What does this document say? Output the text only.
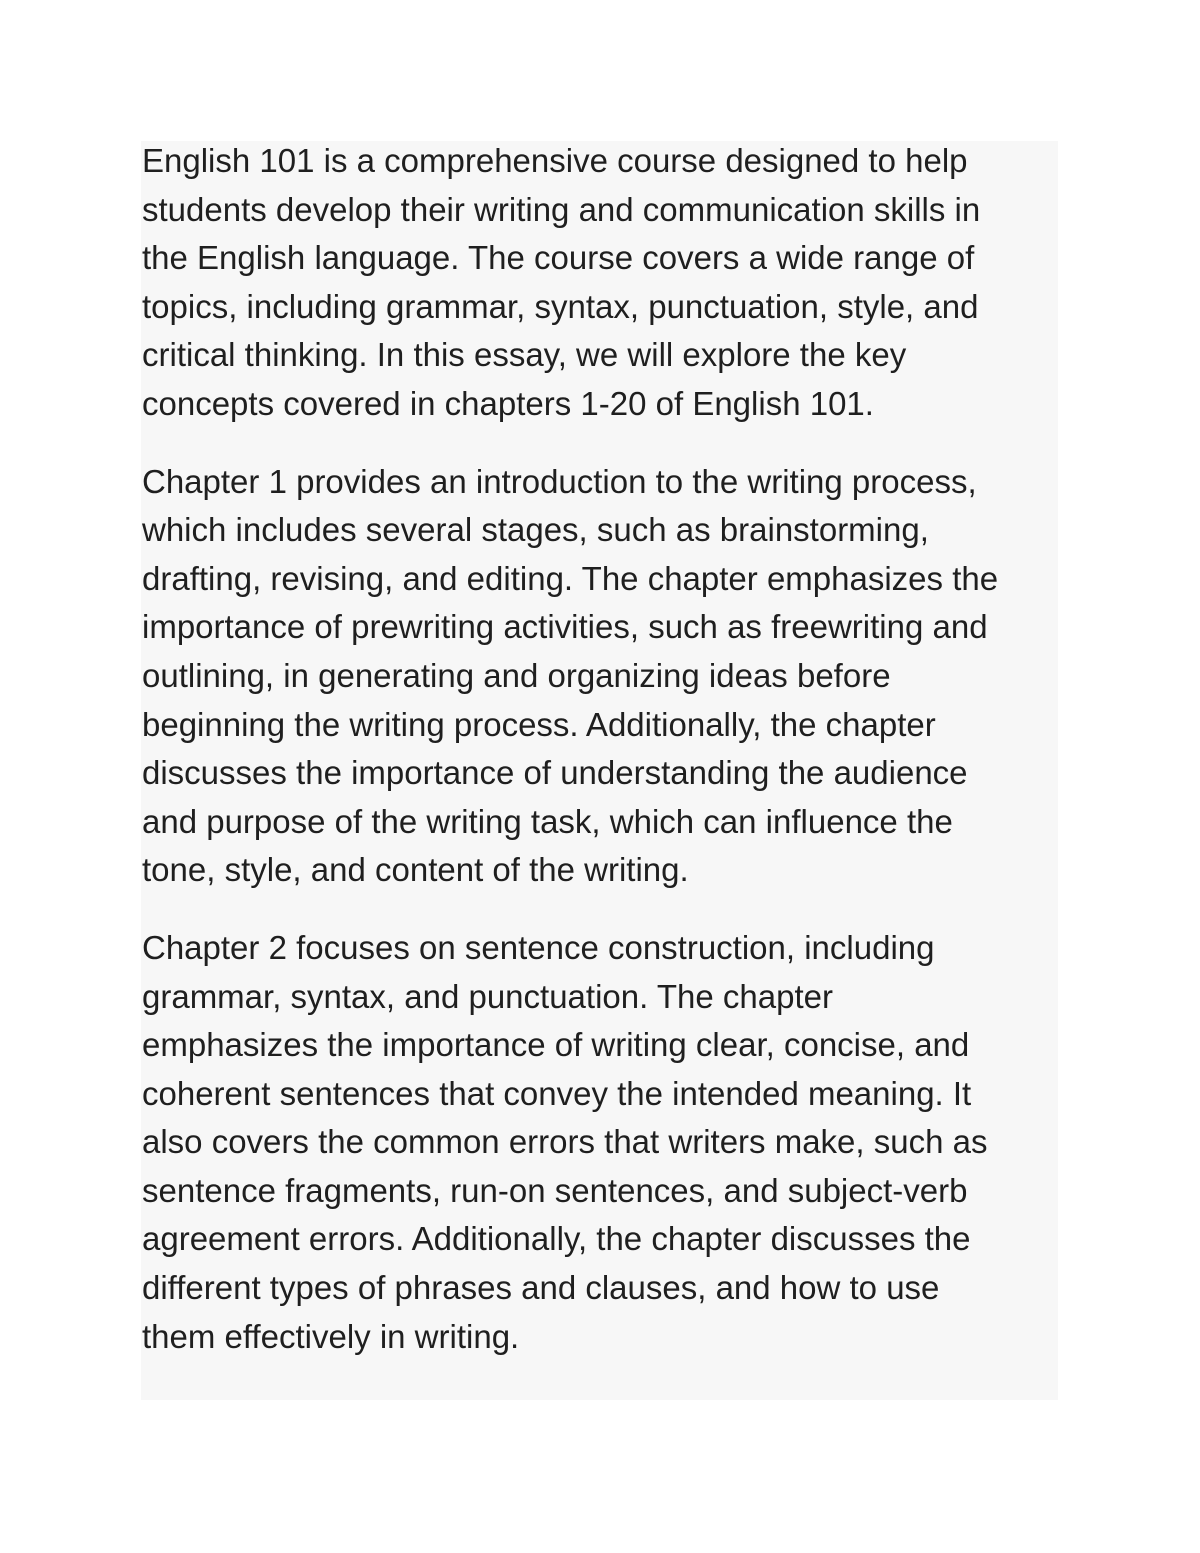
English 101 is a comprehensive course designed to help
students develop their writing and communication skills in
the English language. The course covers a wide range of
topics, including grammar, syntax, punctuation, style, and
critical thinking. In this essay, we will explore the key
concepts covered in chapters 1-20 of English 101.

Chapter 1 provides an introduction to the writing process,
which includes several stages, such as brainstorming,
drafting, revising, and editing. The chapter emphasizes the
importance of prewriting activities, such as freewriting and
outlining, in generating and organizing ideas before
beginning the writing process. Additionally, the chapter
discusses the importance of understanding the audience
and purpose of the writing task, which can influence the
tone, style, and content of the writing.

Chapter 2 focuses on sentence construction, including
grammar, syntax, and punctuation. The chapter
emphasizes the importance of writing clear, concise, and
coherent sentences that convey the intended meaning. It
also covers the common errors that writers make, such as
sentence fragments, run-on sentences, and subject-verb
agreement errors. Additionally, the chapter discusses the
different types of phrases and clauses, and how to use
them effectively in writing.
